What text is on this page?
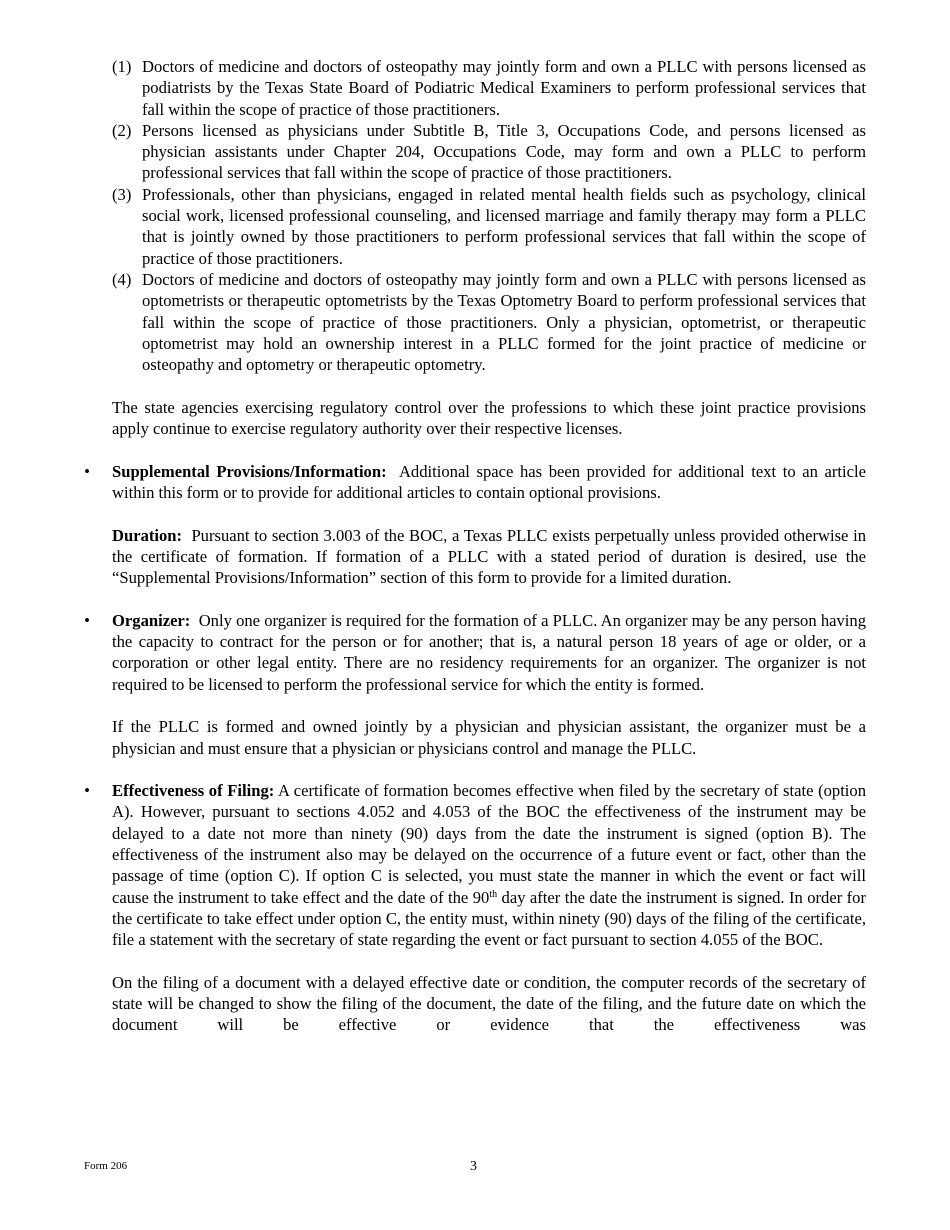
(1) Doctors of medicine and doctors of osteopathy may jointly form and own a PLLC with persons licensed as podiatrists by the Texas State Board of Podiatric Medical Examiners to perform professional services that fall within the scope of practice of those practitioners.
(2) Persons licensed as physicians under Subtitle B, Title 3, Occupations Code, and persons licensed as physician assistants under Chapter 204, Occupations Code, may form and own a PLLC to perform professional services that fall within the scope of practice of those practitioners.
(3) Professionals, other than physicians, engaged in related mental health fields such as psychology, clinical social work, licensed professional counseling, and licensed marriage and family therapy may form a PLLC that is jointly owned by those practitioners to perform professional services that fall within the scope of practice of those practitioners.
(4) Doctors of medicine and doctors of osteopathy may jointly form and own a PLLC with persons licensed as optometrists or therapeutic optometrists by the Texas Optometry Board to perform professional services that fall within the scope of practice of those practitioners. Only a physician, optometrist, or therapeutic optometrist may hold an ownership interest in a PLLC formed for the joint practice of medicine or osteopathy and optometry or therapeutic optometry.

The state agencies exercising regulatory control over the professions to which these joint practice provisions apply continue to exercise regulatory authority over their respective licenses.

• Supplemental Provisions/Information: Additional space has been provided for additional text to an article within this form or to provide for additional articles to contain optional provisions.

Duration: Pursuant to section 3.003 of the BOC, a Texas PLLC exists perpetually unless provided otherwise in the certificate of formation. If formation of a PLLC with a stated period of duration is desired, use the “Supplemental Provisions/Information” section of this form to provide for a limited duration.

• Organizer: Only one organizer is required for the formation of a PLLC. An organizer may be any person having the capacity to contract for the person or for another; that is, a natural person 18 years of age or older, or a corporation or other legal entity. There are no residency requirements for an organizer. The organizer is not required to be licensed to perform the professional service for which the entity is formed.

If the PLLC is formed and owned jointly by a physician and physician assistant, the organizer must be a physician and must ensure that a physician or physicians control and manage the PLLC.

• Effectiveness of Filing: A certificate of formation becomes effective when filed by the secretary of state (option A). However, pursuant to sections 4.052 and 4.053 of the BOC the effectiveness of the instrument may be delayed to a date not more than ninety (90) days from the date the instrument is signed (option B). The effectiveness of the instrument also may be delayed on the occurrence of a future event or fact, other than the passage of time (option C). If option C is selected, you must state the manner in which the event or fact will cause the instrument to take effect and the date of the 90th day after the date the instrument is signed. In order for the certificate to take effect under option C, the entity must, within ninety (90) days of the filing of the certificate, file a statement with the secretary of state regarding the event or fact pursuant to section 4.055 of the BOC.

On the filing of a document with a delayed effective date or condition, the computer records of the secretary of state will be changed to show the filing of the document, the date of the filing, and the future date on which the document will be effective or evidence that the effectiveness was

Form 206	3
